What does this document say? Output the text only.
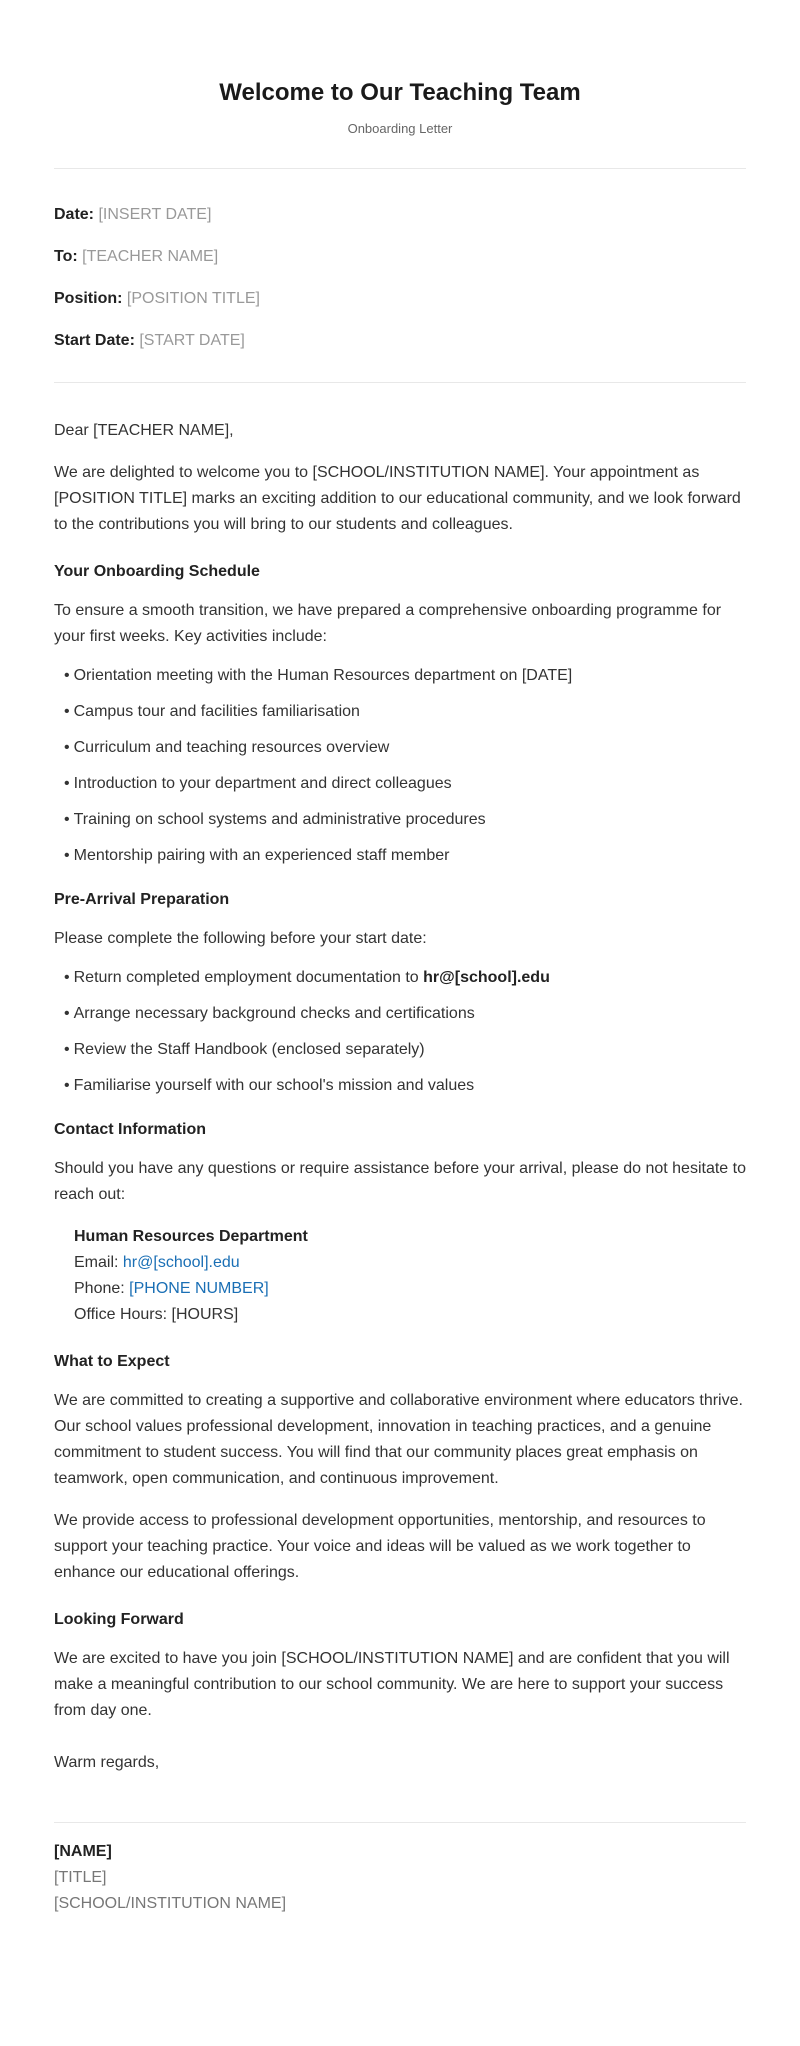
Welcome to Our Teaching Team
Onboarding Letter
Date: [INSERT DATE]
To: [TEACHER NAME]
Position: [POSITION TITLE]
Start Date: [START DATE]

Dear [TEACHER NAME],

We are delighted to welcome you to [SCHOOL/INSTITUTION NAME]. Your appointment as [POSITION TITLE] marks an exciting addition to our educational community, and we look forward to the contributions you will bring to our students and colleagues.

Your Onboarding Schedule

To ensure a smooth transition, we have prepared a comprehensive onboarding programme for your first weeks. Key activities include:

• Orientation meeting with the Human Resources department on [DATE]
• Campus tour and facilities familiarisation
• Curriculum and teaching resources overview
• Introduction to your department and direct colleagues
• Training on school systems and administrative procedures
• Mentorship pairing with an experienced staff member
Pre-Arrival Preparation

Please complete the following before your start date:

• Return completed employment documentation to hr@[school].edu
• Arrange necessary background checks and certifications
• Review the Staff Handbook (enclosed separately)
• Familiarise yourself with our school's mission and values
Contact Information

Should you have any questions or require assistance before your arrival, please do not hesitate to reach out:

Human Resources Department
Email: hr@[school].edu
Phone: [PHONE NUMBER]
Office Hours: [HOURS]
What to Expect

We are committed to creating a supportive and collaborative environment where educators thrive. Our school values professional development, innovation in teaching practices, and a genuine commitment to student success. You will find that our community places great emphasis on teamwork, open communication, and continuous improvement.

We provide access to professional development opportunities, mentorship, and resources to support your teaching practice. Your voice and ideas will be valued as we work together to enhance our educational offerings.

Looking Forward

We are excited to have you join [SCHOOL/INSTITUTION NAME] and are confident that you will make a meaningful contribution to our school community. We are here to support your success from day one.

Warm regards,

[NAME]
[TITLE]
[SCHOOL/INSTITUTION NAME]
